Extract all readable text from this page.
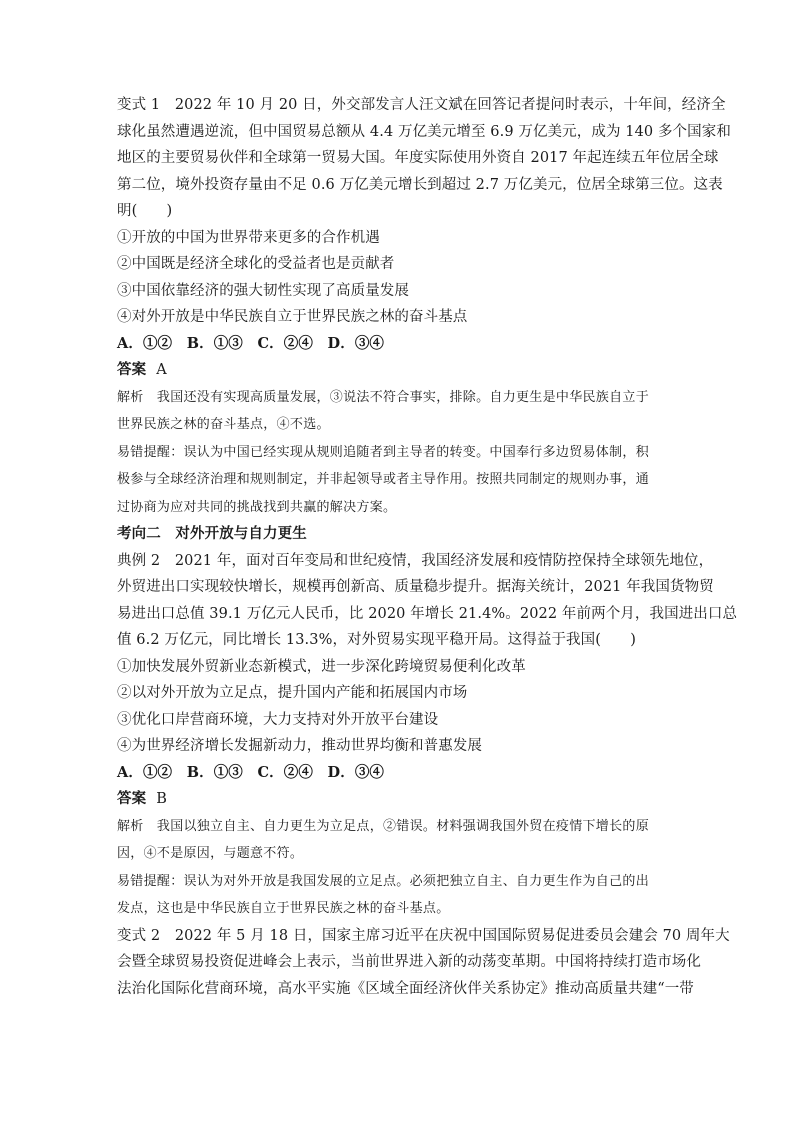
变式 1　2022 年 10 月 20 日，外交部发言人汪文斌在回答记者提问时表示，十年间，经济全
球化虽然遭遇逆流，但中国贸易总额从 4.4 万亿美元增至 6.9 万亿美元，成为 140 多个国家和
地区的主要贸易伙伴和全球第一贸易大国。年度实际使用外资自 2017 年起连续五年位居全球
第二位，境外投资存量由不足 0.6 万亿美元增长到超过 2.7 万亿美元，位居全球第三位。这表
明(　　)
①开放的中国为世界带来更多的合作机遇
②中国既是经济全球化的受益者也是贡献者
③中国依靠经济的强大韧性实现了高质量发展
④对外开放是中华民族自立于世界民族之林的奋斗基点
A．①②　B．①③　C．②④　D．③④
答案 A
解析　我国还没有实现高质量发展，③说法不符合事实，排除。自力更生是中华民族自立于
世界民族之林的奋斗基点，④不选。
易错提醒：误认为中国已经实现从规则追随者到主导者的转变。中国奉行多边贸易体制，积
极参与全球经济治理和规则制定，并非起领导或者主导作用。按照共同制定的规则办事，通
过协商为应对共同的挑战找到共赢的解决方案。
考向二　对外开放与自力更生
典例 2　2021 年，面对百年变局和世纪疫情，我国经济发展和疫情防控保持全球领先地位，
外贸进出口实现较快增长，规模再创新高、质量稳步提升。据海关统计，2021 年我国货物贸
易进出口总值 39.1 万亿元人民币，比 2020 年增长 21.4%。2022 年前两个月，我国进出口总
值 6.2 万亿元，同比增长 13.3%，对外贸易实现平稳开局。这得益于我国(　　)
①加快发展外贸新业态新模式，进一步深化跨境贸易便利化改革
②以对外开放为立足点，提升国内产能和拓展国内市场
③优化口岸营商环境，大力支持对外开放平台建设
④为世界经济增长发掘新动力，推动世界均衡和普惠发展
A．①②　B．①③　C．②④　D．③④
答案 B
解析　我国以独立自主、自力更生为立足点，②错误。材料强调我国外贸在疫情下增长的原
因，④不是原因，与题意不符。
易错提醒：误认为对外开放是我国发展的立足点。必须把独立自主、自力更生作为自己的出
发点，这也是中华民族自立于世界民族之林的奋斗基点。
变式 2　2022 年 5 月 18 日，国家主席习近平在庆祝中国国际贸易促进委员会建会 70 周年大
会暨全球贸易投资促进峰会上表示，当前世界进入新的动荡变革期。中国将持续打造市场化
法治化国际化营商环境，高水平实施《区域全面经济伙伴关系协定》推动高质量共建“一带
